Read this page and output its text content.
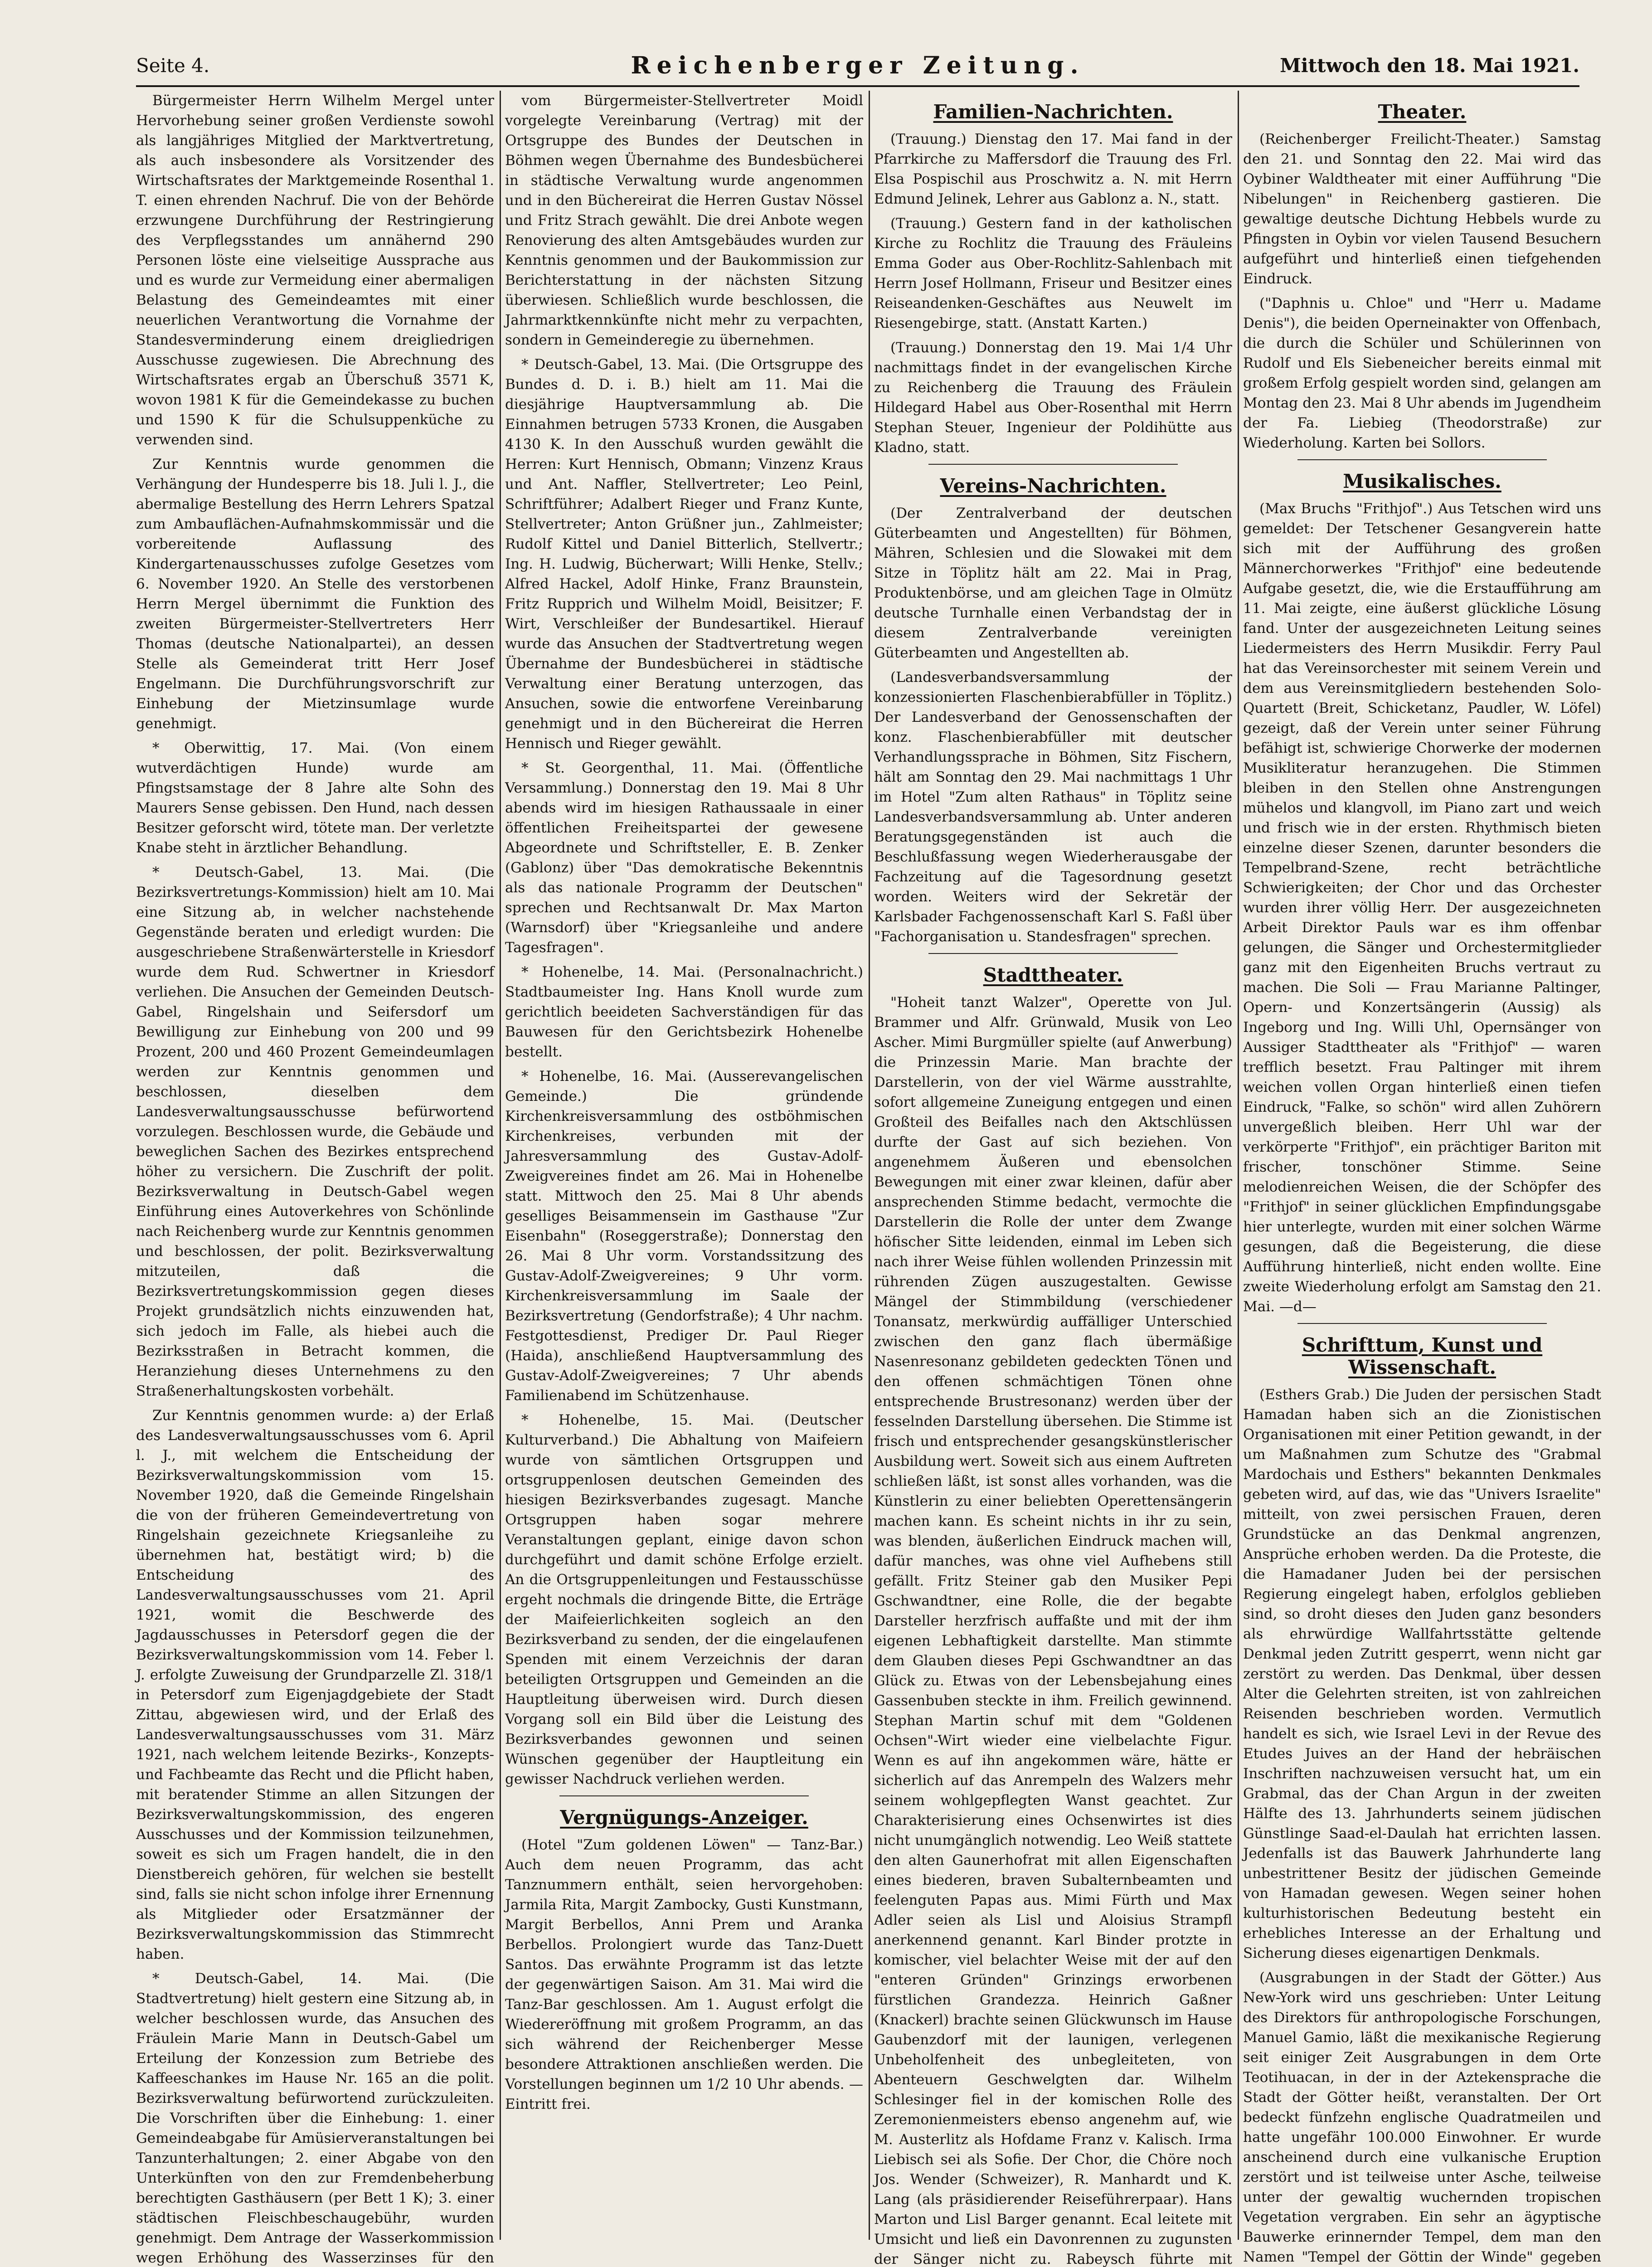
Seite 4.	Reichenberger Zeitung.	Mittwoch den 18. Mai 1921.

Bürgermeister Herrn Wilhelm Mergel unter Hervorhebung seiner großen Verdienste sowohl als langjähriges Mitglied der Marktvertretung, als auch insbesondere als Vorsitzender des Wirtschaftsrates der Marktgemeinde Rosenthal 1. T. einen ehrenden Nachruf. Die von der Behörde erzwungene Durchführung der Restringierung des Verpflegsstandes um annähernd 290 Personen löste eine vielseitige Aussprache aus und es wurde zur Vermeidung einer abermaligen Belastung des Gemeindeamtes mit einer neuerlichen Verantwortung die Vornahme der Standesverminderung einem dreigliedrigen Ausschusse zugewiesen. Die Abrechnung des Wirtschaftsrates ergab an Überschuß 3571 K, wovon 1981 K für die Gemeindekasse zu buchen und 1590 K für die Schulsuppenküche zu verwenden sind.

Zur Kenntnis wurde genommen die Verhängung der Hundesperre bis 18. Juli l. J., die abermalige Bestellung des Herrn Lehrers Spatzal zum Ambauflächen-Aufnahmskommissär und die vorbereitende Auflassung des Kindergartenausschusses zufolge Gesetzes vom 6. November 1920. An Stelle des verstorbenen Herrn Mergel übernimmt die Funktion des zweiten Bürgermeister-Stellvertreters Herr Thomas (deutsche Nationalpartei), an dessen Stelle als Gemeinderat tritt Herr Josef Engelmann. Die Durchführungsvorschrift zur Einhebung der Mietzinsumlage wurde genehmigt.

* Oberwittig, 17. Mai. (Von einem wutverdächtigen Hunde) wurde am Pfingstsamstage der 8 Jahre alte Sohn des Maurers Sense gebissen. Den Hund, nach dessen Besitzer geforscht wird, tötete man. Der verletzte Knabe steht in ärztlicher Behandlung.

* Deutsch-Gabel, 13. Mai. (Die Bezirksvertretungs-Kommission) hielt am 10. Mai eine Sitzung ab, in welcher nachstehende Gegenstände beraten und erledigt wurden: Die ausgeschriebene Straßenwärterstelle in Kriesdorf wurde dem Rud. Schwertner in Kriesdorf verliehen. Die Ansuchen der Gemeinden Deutsch-Gabel, Ringelshain und Seifersdorf um Bewilligung zur Einhebung von 200 und 99 Prozent, 200 und 460 Prozent Gemeindeumlagen werden zur Kenntnis genommen und beschlossen, dieselben dem Landesverwaltungsausschusse befürwortend vorzulegen. Beschlossen wurde, die Gebäude und beweglichen Sachen des Bezirkes entsprechend höher zu versichern. Die Zuschrift der polit. Bezirksverwaltung in Deutsch-Gabel wegen Einführung eines Autoverkehres von Schönlinde nach Reichenberg wurde zur Kenntnis genommen und beschlossen, der polit. Bezirksverwaltung mitzuteilen, daß die Bezirksvertretungskommission gegen dieses Projekt grundsätzlich nichts einzuwenden hat, sich jedoch im Falle, als hiebei auch die Bezirksstraßen in Betracht kommen, die Heranziehung dieses Unternehmens zu den Straßenerhaltungskosten vorbehält.

Zur Kenntnis genommen wurde: a) der Erlaß des Landesverwaltungsausschusses vom 6. April l. J., mit welchem die Entscheidung der Bezirksverwaltungskommission vom 15. November 1920, daß die Gemeinde Ringelshain die von der früheren Gemeindevertretung von Ringelshain gezeichnete Kriegsanleihe zu übernehmen hat, bestätigt wird; b) die Entscheidung des Landesverwaltungsausschusses vom 21. April 1921, womit die Beschwerde des Jagdausschusses in Petersdorf gegen die der Bezirksverwaltungskommission vom 14. Feber l. J. erfolgte Zuweisung der Grundparzelle Zl. 318/1 in Petersdorf zum Eigenjagdgebiete der Stadt Zittau, abgewiesen wird, und der Erlaß des Landesverwaltungsausschusses vom 31. März 1921, nach welchem leitende Bezirks-, Konzepts- und Fachbeamte das Recht und die Pflicht haben, mit beratender Stimme an allen Sitzungen der Bezirksverwaltungskommission, des engeren Ausschusses und der Kommission teilzunehmen, soweit es sich um Fragen handelt, die in den Dienstbereich gehören, für welchen sie bestellt sind, falls sie nicht schon infolge ihrer Ernennung als Mitglieder oder Ersatzmänner der Bezirksverwaltungskommission das Stimmrecht haben.

* Deutsch-Gabel, 14. Mai. (Die Stadtvertretung) hielt gestern eine Sitzung ab, in welcher beschlossen wurde, das Ansuchen des Fräulein Marie Mann in Deutsch-Gabel um Erteilung der Konzession zum Betriebe des Kaffeeschankes im Hause Nr. 165 an die polit. Bezirksverwaltung befürwortend zurückzuleiten. Die Vorschriften über die Einhebung: 1. einer Gemeindeabgabe für Amüsierveranstaltungen bei Tanzunterhaltungen; 2. einer Abgabe von den Unterkünften von den zur Fremdenbeherbung berechtigten Gasthäusern (per Bett 1 K); 3. einer städtischen Fleischbeschaugebühr, wurden genehmigt. Dem Antrage der Wasserkommission wegen Erhöhung des Wasserzinses für den

vom Bürgermeister-Stellvertreter Moidl vorgelegte Vereinbarung (Vertrag) mit der Ortsgruppe des Bundes der Deutschen in Böhmen wegen Übernahme des Bundesbücherei in städtische Verwaltung wurde angenommen und in den Büchereirat die Herren Gustav Nössel und Fritz Strach gewählt. Die drei Anbote wegen Renovierung des alten Amtsgebäudes wurden zur Kenntnis genommen und der Baukommission zur Berichterstattung in der nächsten Sitzung überwiesen. Schließlich wurde beschlossen, die Jahrmarktkennkünfte nicht mehr zu verpachten, sondern in Gemeinderegie zu übernehmen.

* Deutsch-Gabel, 13. Mai. (Die Ortsgruppe des Bundes d. D. i. B.) hielt am 11. Mai die diesjährige Hauptversammlung ab. Die Einnahmen betrugen 5733 Kronen, die Ausgaben 4130 K. In den Ausschuß wurden gewählt die Herren: Kurt Hennisch, Obmann; Vinzenz Kraus und Ant. Naffler, Stellvertreter; Leo Peinl, Schriftführer; Adalbert Rieger und Franz Kunte, Stellvertreter; Anton Grüßner jun., Zahlmeister; Rudolf Kittel und Daniel Bitterlich, Stellvertr.; Ing. H. Ludwig, Bücherwart; Willi Henke, Stellv.; Alfred Hackel, Adolf Hinke, Franz Braunstein, Fritz Rupprich und Wilhelm Moidl, Beisitzer; F. Wirt, Verschleißer der Bundesartikel. Hierauf wurde das Ansuchen der Stadtvertretung wegen Übernahme der Bundesbücherei in städtische Verwaltung einer Beratung unterzogen, das Ansuchen, sowie die entworfene Vereinbarung genehmigt und in den Büchereirat die Herren Hennisch und Rieger gewählt.

* St. Georgenthal, 11. Mai. (Öffentliche Versammlung.) Donnerstag den 19. Mai 8 Uhr abends wird im hiesigen Rathaussaale in einer öffentlichen Freiheitspartei der gewesene Abgeordnete und Schriftsteller, E. B. Zenker (Gablonz) über "Das demokratische Bekenntnis als das nationale Programm der Deutschen" sprechen und Rechtsanwalt Dr. Max Marton (Warnsdorf) über "Kriegsanleihe und andere Tagesfragen".

* Hohenelbe, 14. Mai. (Personalnachricht.) Stadtbaumeister Ing. Hans Knoll wurde zum gerichtlich beeideten Sachverständigen für das Bauwesen für den Gerichtsbezirk Hohenelbe bestellt.

* Hohenelbe, 16. Mai. (Ausserevangelischen Gemeinde.) Die gründende Kirchenkreisversammlung des ostböhmischen Kirchenkreises, verbunden mit der Jahresversammlung des Gustav-Adolf-Zweigvereines findet am 26. Mai in Hohenelbe statt. Mittwoch den 25. Mai 8 Uhr abends geselliges Beisammensein im Gasthause "Zur Eisenbahn" (Roseggerstraße); Donnerstag den 26. Mai 8 Uhr vorm. Vorstandssitzung des Gustav-Adolf-Zweigvereines; 9 Uhr vorm. Kirchenkreisversammlung im Saale der Bezirksvertretung (Gendorfstraße); 4 Uhr nachm. Festgottesdienst, Prediger Dr. Paul Rieger (Haida), anschließend Hauptversammlung des Gustav-Adolf-Zweigvereines; 7 Uhr abends Familienabend im Schützenhause.

* Hohenelbe, 15. Mai. (Deutscher Kulturverband.) Die Abhaltung von Maifeiern wurde von sämtlichen Ortsgruppen und ortsgruppenlosen deutschen Gemeinden des hiesigen Bezirksverbandes zugesagt. Manche Ortsgruppen haben sogar mehrere Veranstaltungen geplant, einige davon schon durchgeführt und damit schöne Erfolge erzielt. An die Ortsgruppenleitungen und Festausschüsse ergeht nochmals die dringende Bitte, die Erträge der Maifeierlichkeiten sogleich an den Bezirksverband zu senden, der die eingelaufenen Spenden mit einem Verzeichnis der daran beteiligten Ortsgruppen und Gemeinden an die Hauptleitung überweisen wird. Durch diesen Vorgang soll ein Bild über die Leistung des Bezirksverbandes gewonnen und seinen Wünschen gegenüber der Hauptleitung ein gewisser Nachdruck verliehen werden.

Vergnügungs-Anzeiger.

(Hotel "Zum goldenen Löwen" — Tanz-Bar.) Auch dem neuen Programm, das acht Tanznummern enthält, seien hervorgehoben: Jarmila Rita, Margit Zambocky, Gusti Kunstmann, Margit Berbellos, Anni Prem und Aranka Berbellos. Prolongiert wurde das Tanz-Duett Santos. Das erwähnte Programm ist das letzte der gegenwärtigen Saison. Am 31. Mai wird die Tanz-Bar geschlossen. Am 1. August erfolgt die Wiedereröffnung mit großem Programm, an das sich während der Reichenberger Messe besondere Attraktionen anschließen werden. Die Vorstellungen beginnen um 1/2 10 Uhr abends. — Eintritt frei.

Familien-Nachrichten.

(Trauung.) Dienstag den 17. Mai fand in der Pfarrkirche zu Maffersdorf die Trauung des Frl. Elsa Pospischil aus Proschwitz a. N. mit Herrn Edmund Jelinek, Lehrer aus Gablonz a. N., statt.

(Trauung.) Gestern fand in der katholischen Kirche zu Rochlitz die Trauung des Fräuleins Emma Goder aus Ober-Rochlitz-Sahlenbach mit Herrn Josef Hollmann, Friseur und Besitzer eines Reiseandenken-Geschäftes aus Neuwelt im Riesengebirge, statt. (Anstatt Karten.)

(Trauung.) Donnerstag den 19. Mai 1/4 Uhr nachmittags findet in der evangelischen Kirche zu Reichenberg die Trauung des Fräulein Hildegard Habel aus Ober-Rosenthal mit Herrn Stephan Steuer, Ingenieur der Poldihütte aus Kladno, statt.

Vereins-Nachrichten.

(Der Zentralverband der deutschen Güterbeamten und Angestellten) für Böhmen, Mähren, Schlesien und die Slowakei mit dem Sitze in Töplitz hält am 22. Mai in Prag, Produktenbörse, und am gleichen Tage in Olmütz deutsche Turnhalle einen Verbandstag der in diesem Zentralverbande vereinigten Güterbeamten und Angestellten ab.

(Landesverbandsversammlung der konzessionierten Flaschenbierabfüller in Töplitz.) Der Landesverband der Genossenschaften der konz. Flaschenbierabfüller mit deutscher Verhandlungssprache in Böhmen, Sitz Fischern, hält am Sonntag den 29. Mai nachmittags 1 Uhr im Hotel "Zum alten Rathaus" in Töplitz seine Landesverbandsversammlung ab. Unter anderen Beratungsgegenständen ist auch die Beschlußfassung wegen Wiederherausgabe der Fachzeitung auf die Tagesordnung gesetzt worden. Weiters wird der Sekretär der Karlsbader Fachgenossenschaft Karl S. Faßl über "Fachorganisation u. Standesfragen" sprechen.

Stadttheater.

"Hoheit tanzt Walzer", Operette von Jul. Brammer und Alfr. Grünwald, Musik von Leo Ascher. Mimi Burgmüller spielte (auf Anwerbung) die Prinzessin Marie. Man brachte der Darstellerin, von der viel Wärme ausstrahlte, sofort allgemeine Zuneigung entgegen und einen Großteil des Beifalles nach den Aktschlüssen durfte der Gast auf sich beziehen. Von angenehmem Äußeren und ebensolchen Bewegungen mit einer zwar kleinen, dafür aber ansprechenden Stimme bedacht, vermochte die Darstellerin die Rolle der unter dem Zwange höfischer Sitte leidenden, einmal im Leben sich nach ihrer Weise fühlen wollenden Prinzessin mit rührenden Zügen auszugestalten. Gewisse Mängel der Stimmbildung (verschiedener Tonansatz, merkwürdig auffälliger Unterschied zwischen den ganz flach übermäßige Nasenresonanz gebildeten gedeckten Tönen und den offenen schmächtigen Tönen ohne entsprechende Brustresonanz) werden über der fesselnden Darstellung übersehen. Die Stimme ist frisch und entsprechender gesangskünstlerischer Ausbildung wert. Soweit sich aus einem Auftreten schließen läßt, ist sonst alles vorhanden, was die Künstlerin zu einer beliebten Operettensängerin machen kann. Es scheint nichts in ihr zu sein, was blenden, äußerlichen Eindruck machen will, dafür manches, was ohne viel Aufhebens still gefällt. Fritz Steiner gab den Musiker Pepi Gschwandtner, eine Rolle, die der begabte Darsteller herzfrisch auffaßte und mit der ihm eigenen Lebhaftigkeit darstellte. Man stimmte dem Glauben dieses Pepi Gschwandtner an das Glück zu. Etwas von der Lebensbejahung eines Gassenbuben steckte in ihm. Freilich gewinnend. Stephan Martin schuf mit dem "Goldenen Ochsen"-Wirt wieder eine vielbelachte Figur. Wenn es auf ihn angekommen wäre, hätte er sicherlich auf das Anrempeln des Walzers mehr seinem wohlgepflegten Wanst geachtet. Zur Charakterisierung eines Ochsenwirtes ist dies nicht unumgänglich notwendig. Leo Weiß stattete den alten Gaunerhofrat mit allen Eigenschaften eines biederen, braven Subalternbeamten und feelenguten Papas aus. Mimi Fürth und Max Adler seien als Lisl und Aloisius Strampfl anerkennend genannt. Karl Binder protzte in komischer, viel belachter Weise mit der auf den "enteren Gründen" Grinzings erworbenen fürstlichen Grandezza. Heinrich Gaßner (Knackerl) brachte seinen Glückwunsch im Hause Gaubenzdorf mit der launigen, verlegenen Unbeholfenheit des unbegleiteten, von Abenteuern Geschwelgten dar. Wilhelm Schlesinger fiel in der komischen Rolle des Zeremonienmeisters ebenso angenehm auf, wie M. Austerlitz als Hofdame Franz v. Kalisch. Irma Liebisch sei als Sofie. Der Chor, die Chöre noch Jos. Wender (Schweizer), R. Manhardt und K. Lang (als präsidierender Reiseführerpaar). Hans Marton und Lisl Barger genannt. Ecal leitete mit Umsicht und ließ ein Davonrennen zu zugunsten der Sänger nicht zu. Rabeysch führte mit

Theater.

(Reichenberger Freilicht-Theater.) Samstag den 21. und Sonntag den 22. Mai wird das Oybiner Waldtheater mit einer Aufführung "Die Nibelungen" in Reichenberg gastieren. Die gewaltige deutsche Dichtung Hebbels wurde zu Pfingsten in Oybin vor vielen Tausend Besuchern aufgeführt und hinterließ einen tiefgehenden Eindruck.

("Daphnis u. Chloe" und "Herr u. Madame Denis"), die beiden Operneinakter von Offenbach, die durch die Schüler und Schülerinnen von Rudolf und Els Siebeneicher bereits einmal mit großem Erfolg gespielt worden sind, gelangen am Montag den 23. Mai 8 Uhr abends im Jugendheim der Fa. Liebieg (Theodorstraße) zur Wiederholung. Karten bei Sollors.

Musikalisches.

(Max Bruchs "Frithjof".) Aus Tetschen wird uns gemeldet: Der Tetschener Gesangverein hatte sich mit der Aufführung des großen Männerchorwerkes "Frithjof" eine bedeutende Aufgabe gesetzt, die, wie die Erstaufführung am 11. Mai zeigte, eine äußerst glückliche Lösung fand. Unter der ausgezeichneten Leitung seines Liedermeisters des Herrn Musikdir. Ferry Paul hat das Vereinsorchester mit seinem Verein und dem aus Vereinsmitgliedern bestehenden Solo-Quartett (Breit, Schicketanz, Paudler, W. Löfel) gezeigt, daß der Verein unter seiner Führung befähigt ist, schwierige Chorwerke der modernen Musikliteratur heranzugehen. Die Stimmen bleiben in den Stellen ohne Anstrengungen mühelos und klangvoll, im Piano zart und weich und frisch wie in der ersten. Rhythmisch bieten einzelne dieser Szenen, darunter besonders die Tempelbrand-Szene, recht beträchtliche Schwierigkeiten; der Chor und das Orchester wurden ihrer völlig Herr. Der ausgezeichneten Arbeit Direktor Pauls war es ihm offenbar gelungen, die Sänger und Orchestermitglieder ganz mit den Eigenheiten Bruchs vertraut zu machen. Die Soli — Frau Marianne Paltinger, Opern- und Konzertsängerin (Aussig) als Ingeborg und Ing. Willi Uhl, Opernsänger von Aussiger Stadttheater als "Frithjof" — waren trefflich besetzt. Frau Paltinger mit ihrem weichen vollen Organ hinterließ einen tiefen Eindruck, "Falke, so schön" wird allen Zuhörern unvergeßlich bleiben. Herr Uhl war der verkörperte "Frithjof", ein prächtiger Bariton mit frischer, tonschöner Stimme. Seine melodienreichen Weisen, die der Schöpfer des "Frithjof" in seiner glücklichen Empfindungsgabe hier unterlegte, wurden mit einer solchen Wärme gesungen, daß die Begeisterung, die diese Aufführung hinterließ, nicht enden wollte. Eine zweite Wiederholung erfolgt am Samstag den 21. Mai. —d—

Schrifttum, Kunst und Wissenschaft.

(Esthers Grab.) Die Juden der persischen Stadt Hamadan haben sich an die Zionistischen Organisationen mit einer Petition gewandt, in der um Maßnahmen zum Schutze des "Grabmal Mardochais und Esthers" bekannten Denkmales gebeten wird, auf das, wie das "Univers Israelite" mitteilt, von zwei persischen Frauen, deren Grundstücke an das Denkmal angrenzen, Ansprüche erhoben werden. Da die Proteste, die die Hamadaner Juden bei der persischen Regierung eingelegt haben, erfolglos geblieben sind, so droht dieses den Juden ganz besonders als ehrwürdige Wallfahrtsstätte geltende Denkmal jeden Zutritt gesperrt, wenn nicht gar zerstört zu werden. Das Denkmal, über dessen Alter die Gelehrten streiten, ist von zahlreichen Reisenden beschrieben worden. Vermutlich handelt es sich, wie Israel Levi in der Revue des Etudes Juives an der Hand der hebräischen Inschriften nachzuweisen versucht hat, um ein Grabmal, das der Chan Argun in der zweiten Hälfte des 13. Jahrhunderts seinem jüdischen Günstlinge Saad-el-Daulah hat errichten lassen. Jedenfalls ist das Bauwerk Jahrhunderte lang unbestrittener Besitz der jüdischen Gemeinde von Hamadan gewesen. Wegen seiner hohen kulturhistorischen Bedeutung besteht ein erhebliches Interesse an der Erhaltung und Sicherung dieses eigenartigen Denkmals.

(Ausgrabungen in der Stadt der Götter.) Aus New-York wird uns geschrieben: Unter Leitung des Direktors für anthropologische Forschungen, Manuel Gamio, läßt die mexikanische Regierung seit einiger Zeit Ausgrabungen in dem Orte Teotihuacan, in der in der Aztekensprache die Stadt der Götter heißt, veranstalten. Der Ort bedeckt fünfzehn englische Quadratmeilen und hatte ungefähr 100.000 Einwohner. Er wurde anscheinend durch eine vulkanische Eruption zerstört und ist teilweise unter Asche, teilweise unter der gewaltig wuchernden tropischen Vegetation vergraben. Ein sehr an ägyptische Bauwerke erinnernder Tempel, dem man den Namen "Tempel der Göttin der Winde" gegeben
